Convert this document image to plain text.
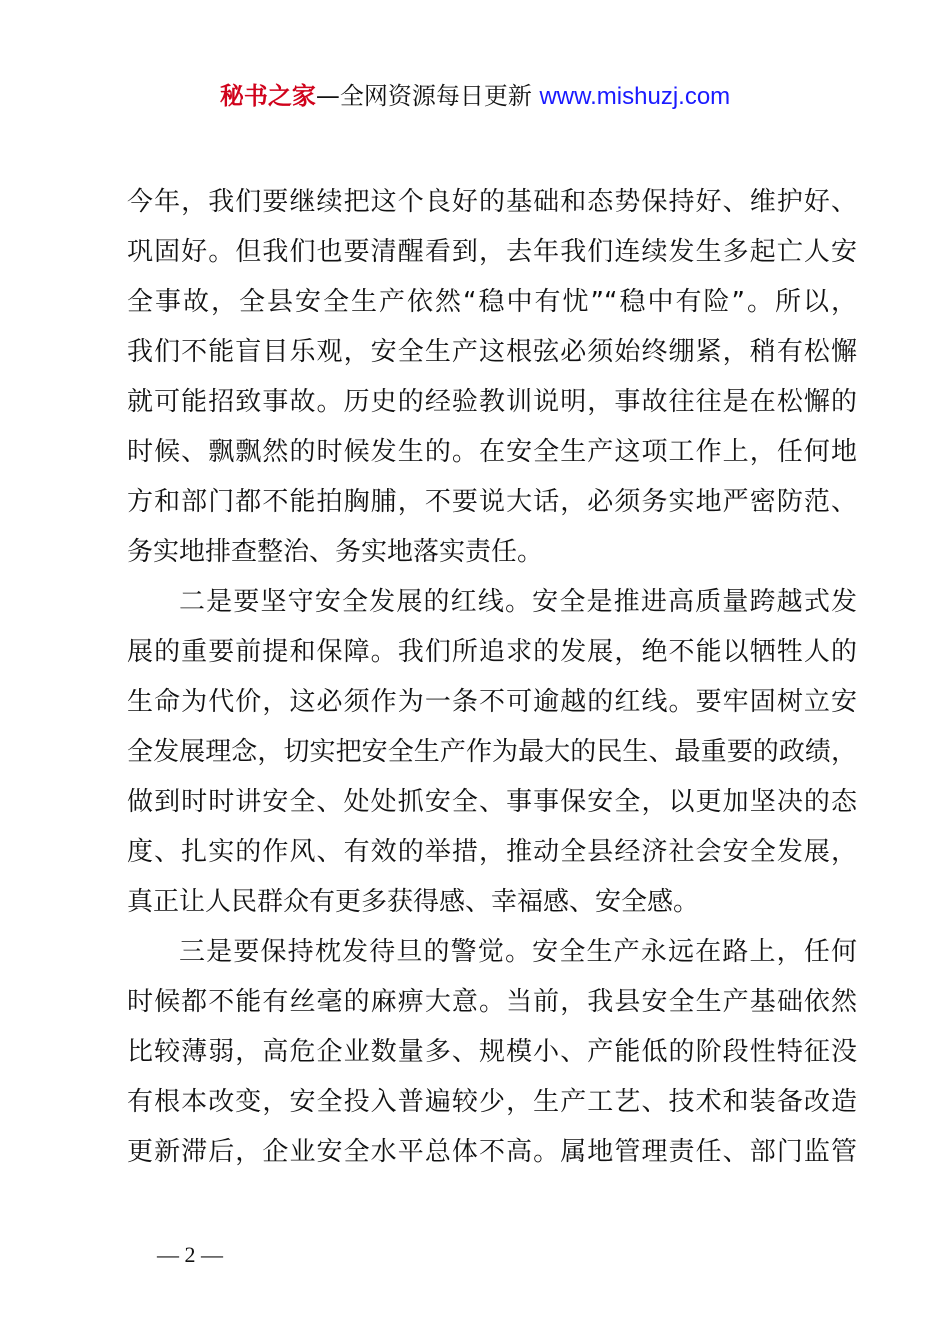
秘书之家—全网资源每日更新 www.mishuzj.com
今年，我们要继续把这个良好的基础和态势保持好、维护好、
巩固好。但我们也要清醒看到，去年我们连续发生多起亡人安
全事故，全县安全生产依然“稳中有忧”“稳中有险”。所以，
我们不能盲目乐观，安全生产这根弦必须始终绷紧，稍有松懈
就可能招致事故。历史的经验教训说明，事故往往是在松懈的
时候、飘飘然的时候发生的。在安全生产这项工作上，任何地
方和部门都不能拍胸脯，不要说大话，必须务实地严密防范、
务实地排查整治、务实地落实责任。
二是要坚守安全发展的红线。安全是推进高质量跨越式发
展的重要前提和保障。我们所追求的发展，绝不能以牺牲人的
生命为代价，这必须作为一条不可逾越的红线。要牢固树立安
全发展理念，切实把安全生产作为最大的民生、最重要的政绩，
做到时时讲安全、处处抓安全、事事保安全，以更加坚决的态
度、扎实的作风、有效的举措，推动全县经济社会安全发展，
真正让人民群众有更多获得感、幸福感、安全感。
三是要保持枕发待旦的警觉。安全生产永远在路上，任何
时候都不能有丝毫的麻痹大意。当前，我县安全生产基础依然
比较薄弱，高危企业数量多、规模小、产能低的阶段性特征没
有根本改变，安全投入普遍较少，生产工艺、技术和装备改造
更新滞后，企业安全水平总体不高。属地管理责任、部门监管
— 2 —
